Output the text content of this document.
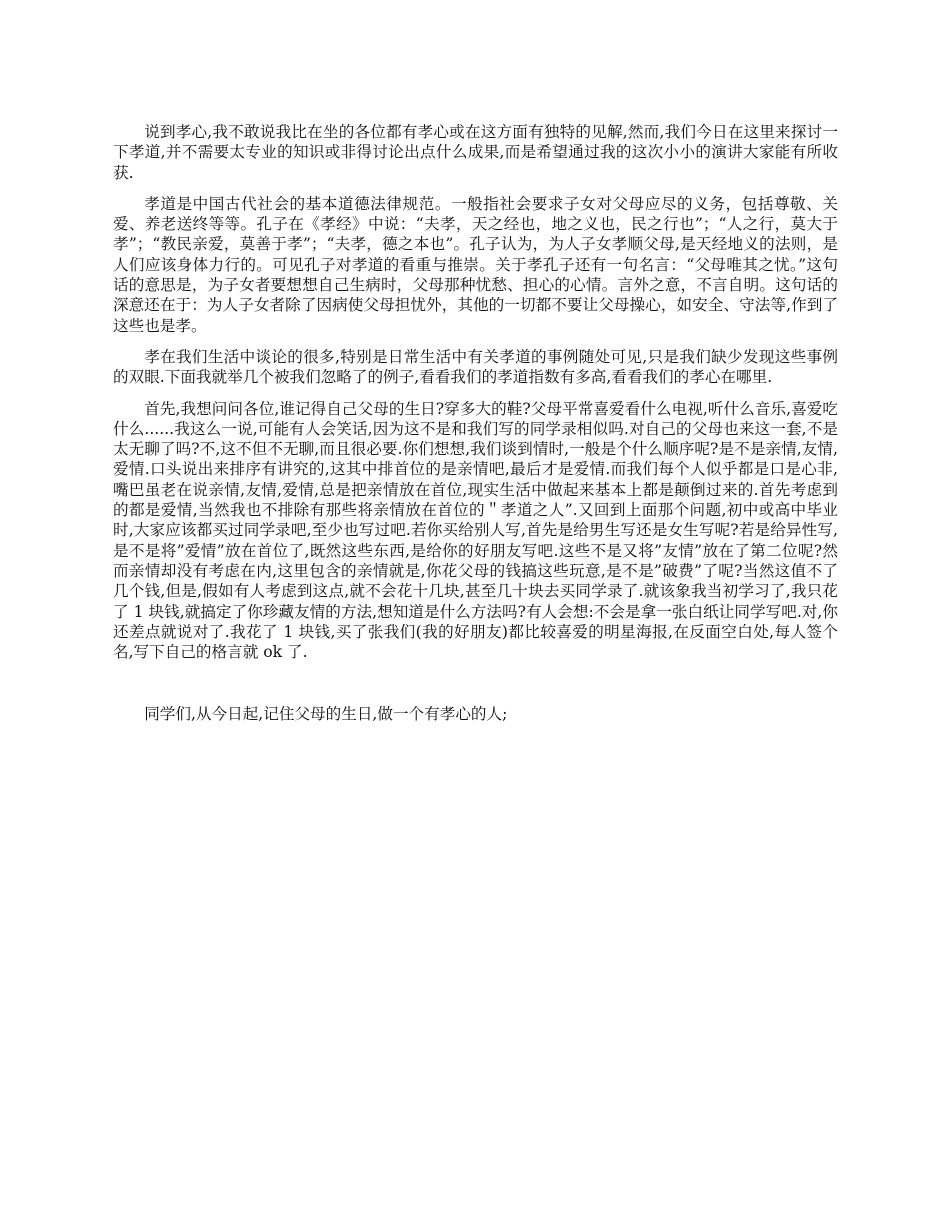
说到孝心,我不敢说我比在坐的各位都有孝心或在这方面有独特的见解,然而,我们今日在这里来探讨一下孝道,并不需要太专业的知识或非得讨论出点什么成果,而是希望通过我的这次小小的演讲大家能有所收获.

孝道是中国古代社会的基本道德法律规范。一般指社会要求子女对父母应尽的义务，包括尊敬、关爱、养老送终等等。孔子在《孝经》中说：“夫孝，天之经也，地之义也，民之行也”；“人之行，莫大于孝”；“教民亲爱，莫善于孝”；“夫孝，德之本也”。孔子认为，为人子女孝顺父母,是天经地义的法则，是人们应该身体力行的。可见孔子对孝道的看重与推崇。关于孝孔子还有一句名言：“父母唯其之忧。”这句话的意思是，为子女者要想想自己生病时，父母那种忧愁、担心的心情。言外之意，不言自明。这句话的深意还在于：为人子女者除了因病使父母担忧外，其他的一切都不要让父母操心，如安全、守法等,作到了这些也是孝。

孝在我们生活中谈论的很多,特别是日常生活中有关孝道的事例随处可见,只是我们缺少发现这些事例的双眼.下面我就举几个被我们忽略了的例子,看看我们的孝道指数有多高,看看我们的孝心在哪里.

首先,我想问问各位,谁记得自己父母的生日?穿多大的鞋?父母平常喜爱看什么电视,听什么音乐,喜爱吃什么......我这么一说,可能有人会笑话,因为这不是和我们写的同学录相似吗.对自己的父母也来这一套,不是太无聊了吗?不,这不但不无聊,而且很必要.你们想想,我们谈到情时,一般是个什么顺序呢?是不是亲情,友情,爱情.口头说出来排序有讲究的,这其中排首位的是亲情吧,最后才是爱情.而我们每个人似乎都是口是心非,嘴巴虽老在说亲情,友情,爱情,总是把亲情放在首位,现实生活中做起来基本上都是颠倒过来的.首先考虑到的都是爱情,当然我也不排除有那些将亲情放在首位的＂孝道之人”.又回到上面那个问题,初中或高中毕业时,大家应该都买过同学录吧,至少也写过吧.若你买给别人写,首先是给男生写还是女生写呢?若是给异性写,是不是将”爱情”放在首位了,既然这些东西,是给你的好朋友写吧.这些不是又将”友情”放在了第二位呢?然而亲情却没有考虑在内,这里包含的亲情就是,你花父母的钱搞这些玩意,是不是”破费”了呢?当然这值不了几个钱,但是,假如有人考虑到这点,就不会花十几块,甚至几十块去买同学录了.就该象我当初学习了,我只花了 1 块钱,就搞定了你珍藏友情的方法,想知道是什么方法吗?有人会想:不会是拿一张白纸让同学写吧.对,你还差点就说对了.我花了 1 块钱,买了张我们(我的好朋友)都比较喜爱的明星海报,在反面空白处,每人签个名,写下自己的格言就 ok 了.

同学们,从今日起,记住父母的生日,做一个有孝心的人;
